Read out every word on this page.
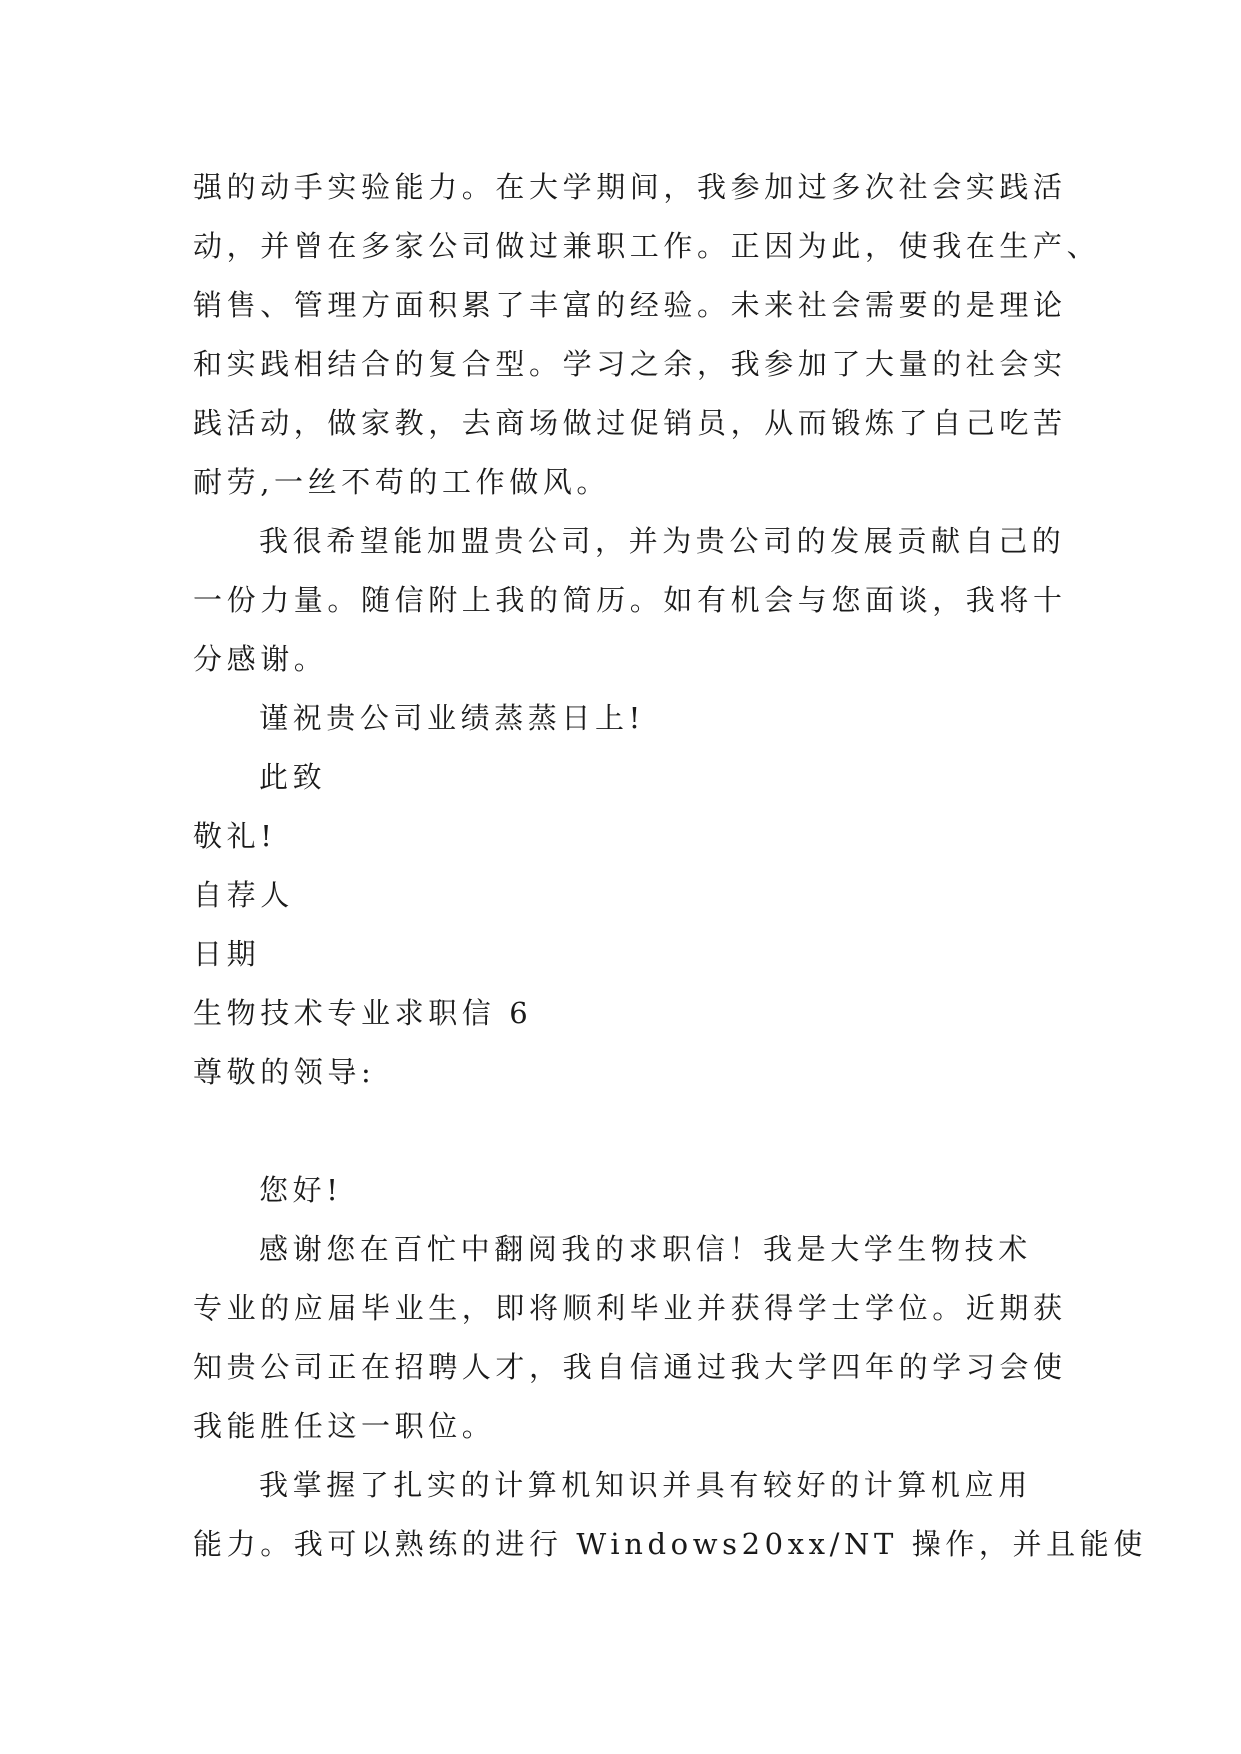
强的动手实验能力。在大学期间，我参加过多次社会实践活
动，并曾在多家公司做过兼职工作。正因为此，使我在生产、
销售、管理方面积累了丰富的经验。未来社会需要的是理论
和实践相结合的复合型。学习之余，我参加了大量的社会实
践活动，做家教，去商场做过促销员，从而锻炼了自己吃苦
耐劳,一丝不苟的工作做风。
我很希望能加盟贵公司，并为贵公司的发展贡献自己的
一份力量。随信附上我的简历。如有机会与您面谈，我将十
分感谢。
谨祝贵公司业绩蒸蒸日上!
此致
敬礼!
自荐人
日期
生物技术专业求职信 6
尊敬的领导:
您好!
感谢您在百忙中翻阅我的求职信！我是大学生物技术
专业的应届毕业生，即将顺利毕业并获得学士学位。近期获
知贵公司正在招聘人才，我自信通过我大学四年的学习会使
我能胜任这一职位。
我掌握了扎实的计算机知识并具有较好的计算机应用
能力。我可以熟练的进行 Windows20xx/NT 操作，并且能使
